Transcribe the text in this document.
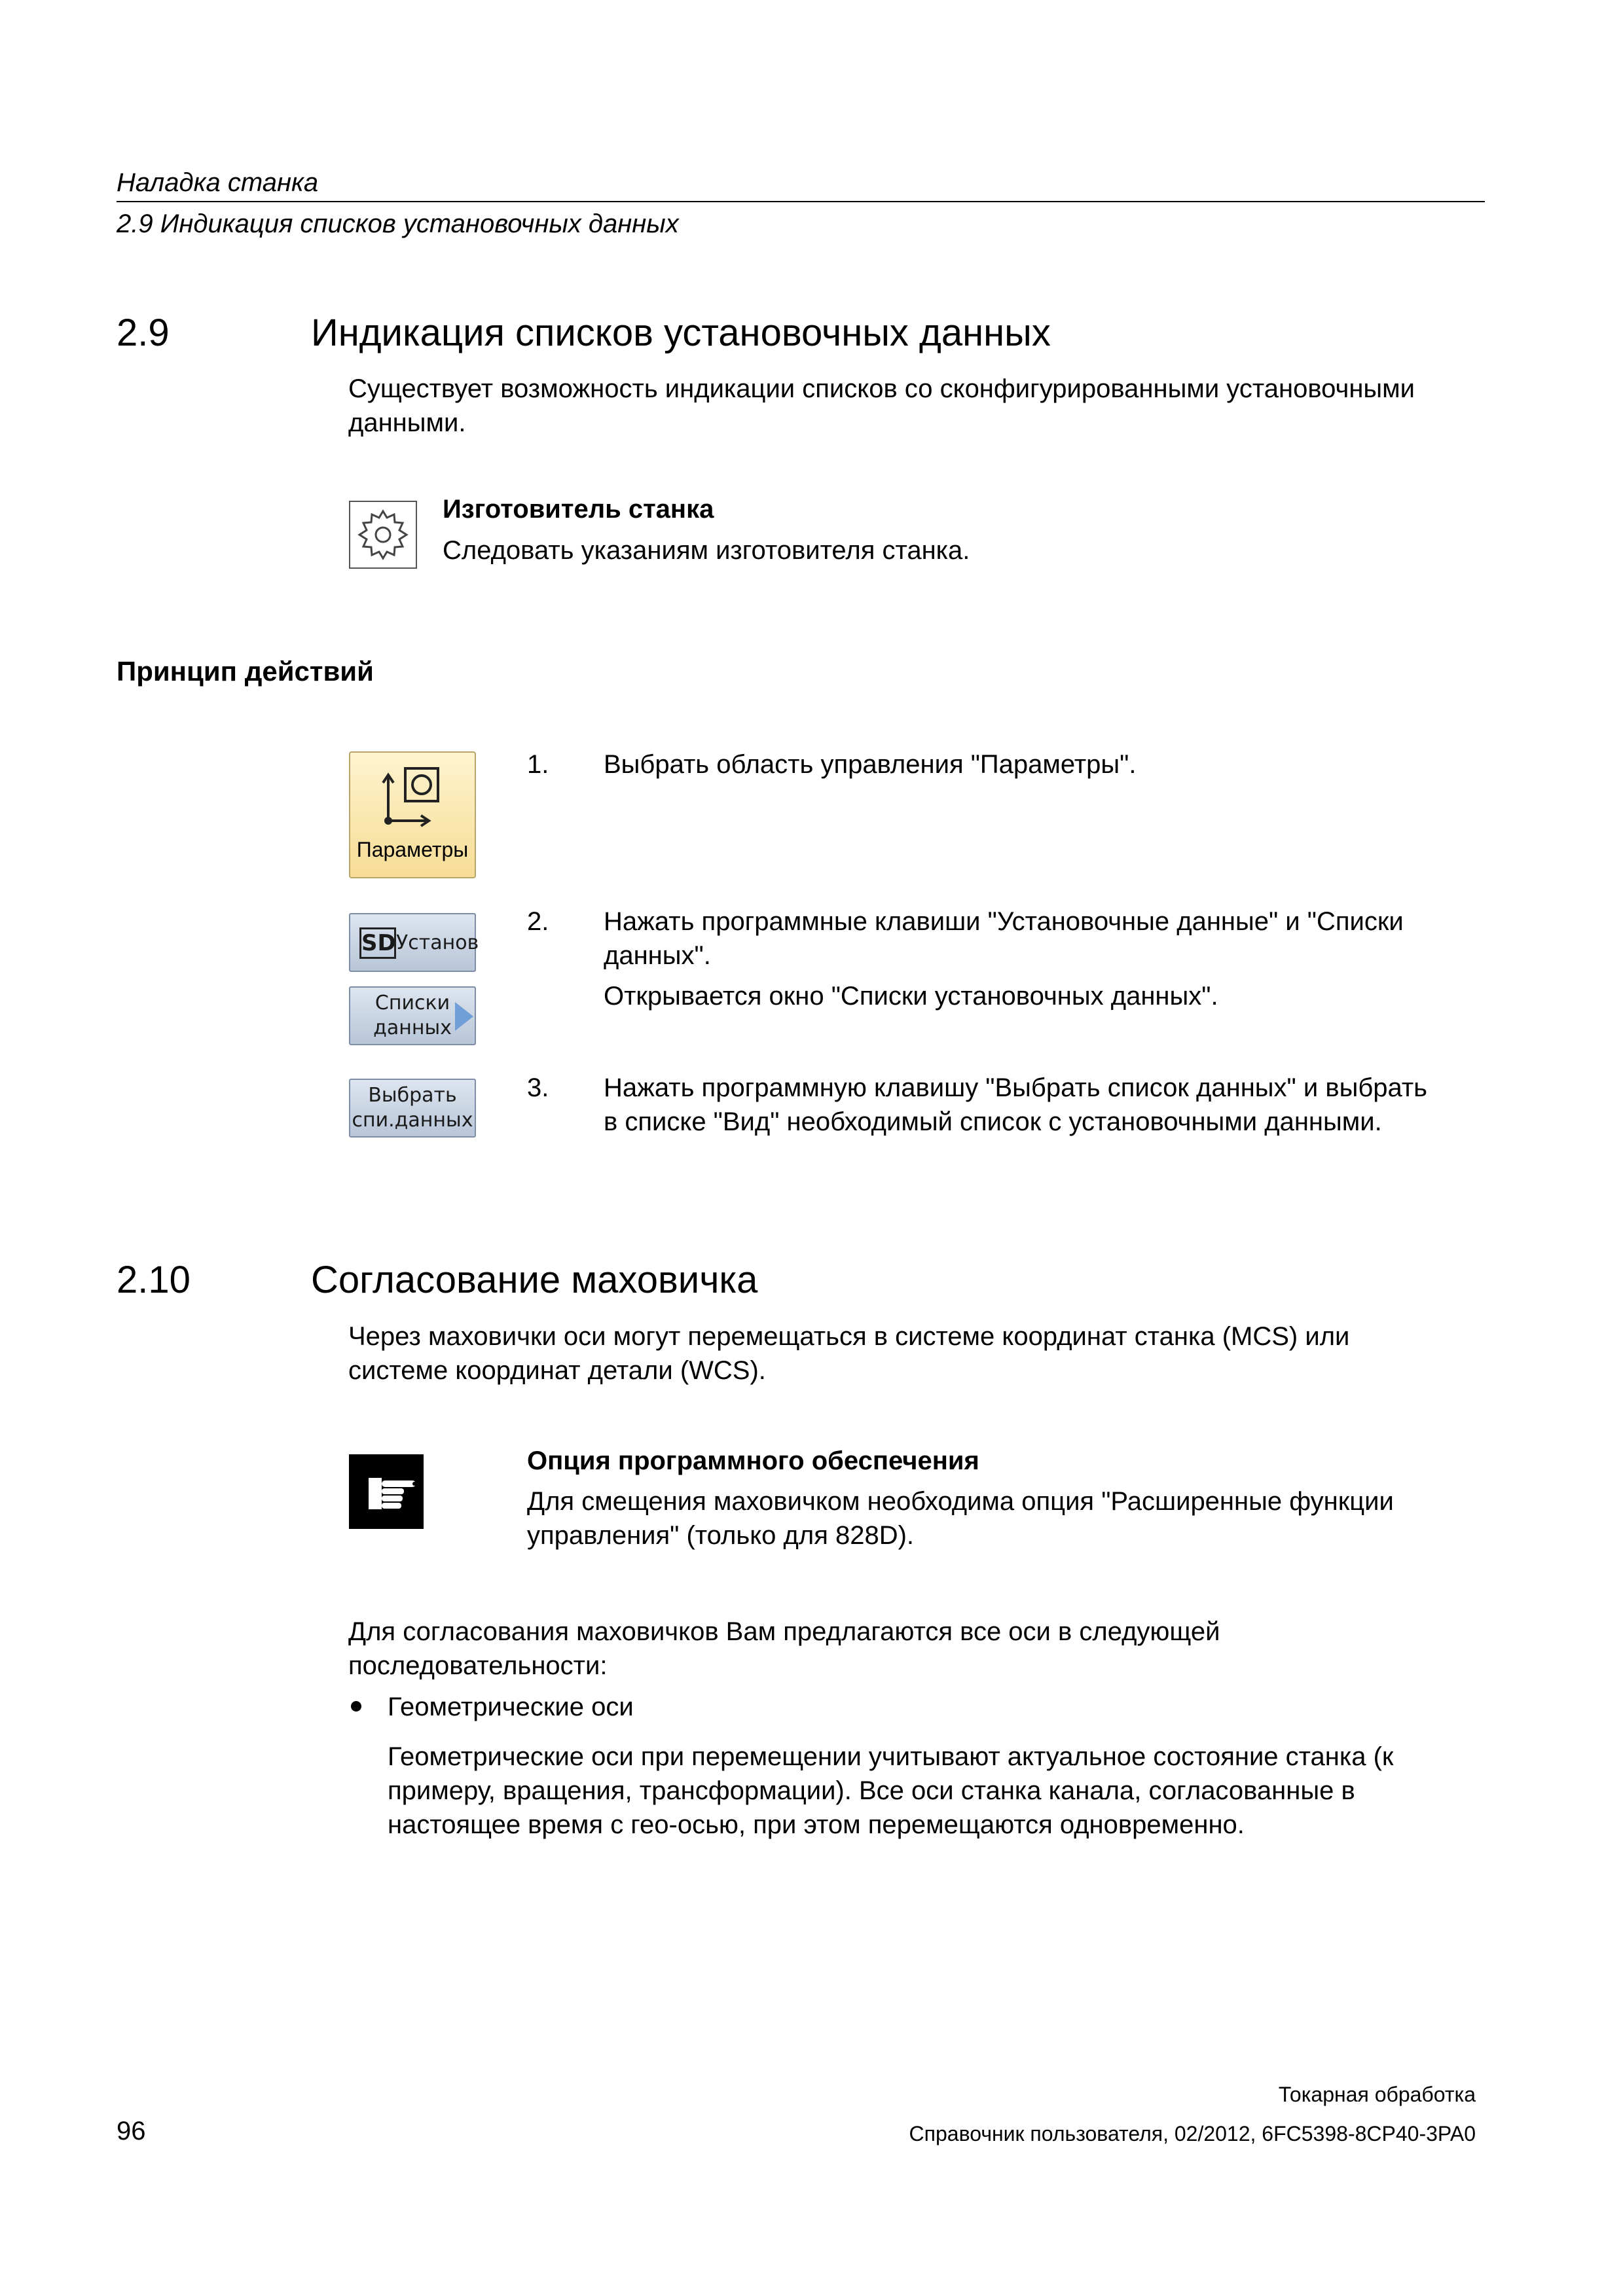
Наладка станка
2.9 Индикация списков установочных данных
2.9	Индикация списков установочных данных
Существует возможность индикации списков со сконфигурированными установочными
данными.
Изготовитель станка
Следовать указаниям изготовителя станка.
Принцип действий
Параметры
SD Установ
Списки
данных
Выбрать
спи.данных
1. Выбрать область управления "Параметры".
2. Нажать программные клавиши "Установочные данные" и "Списки
данных".
Открывается окно "Списки установочных данных".
3. Нажать программную клавишу "Выбрать список данных" и выбрать
в списке "Вид" необходимый список с установочными данными.
2.10	Согласование маховичка
Через маховички оси могут перемещаться в системе координат станка (MCS) или
системе координат детали (WCS).
Опция программного обеспечения
Для смещения маховичком необходима опция "Расширенные функции
управления" (только для 828D).
Для согласования маховичков Вам предлагаются все оси в следующей
последовательности:
Геометрические оси
Геометрические оси при перемещении учитывают актуальное состояние станка (к
примеру, вращения, трансформации). Все оси станка канала, согласованные в
настоящее время с гео-осью, при этом перемещаются одновременно.
Токарная обработка
96	Справочник пользователя, 02/2012, 6FC5398-8CP40-3PA0
